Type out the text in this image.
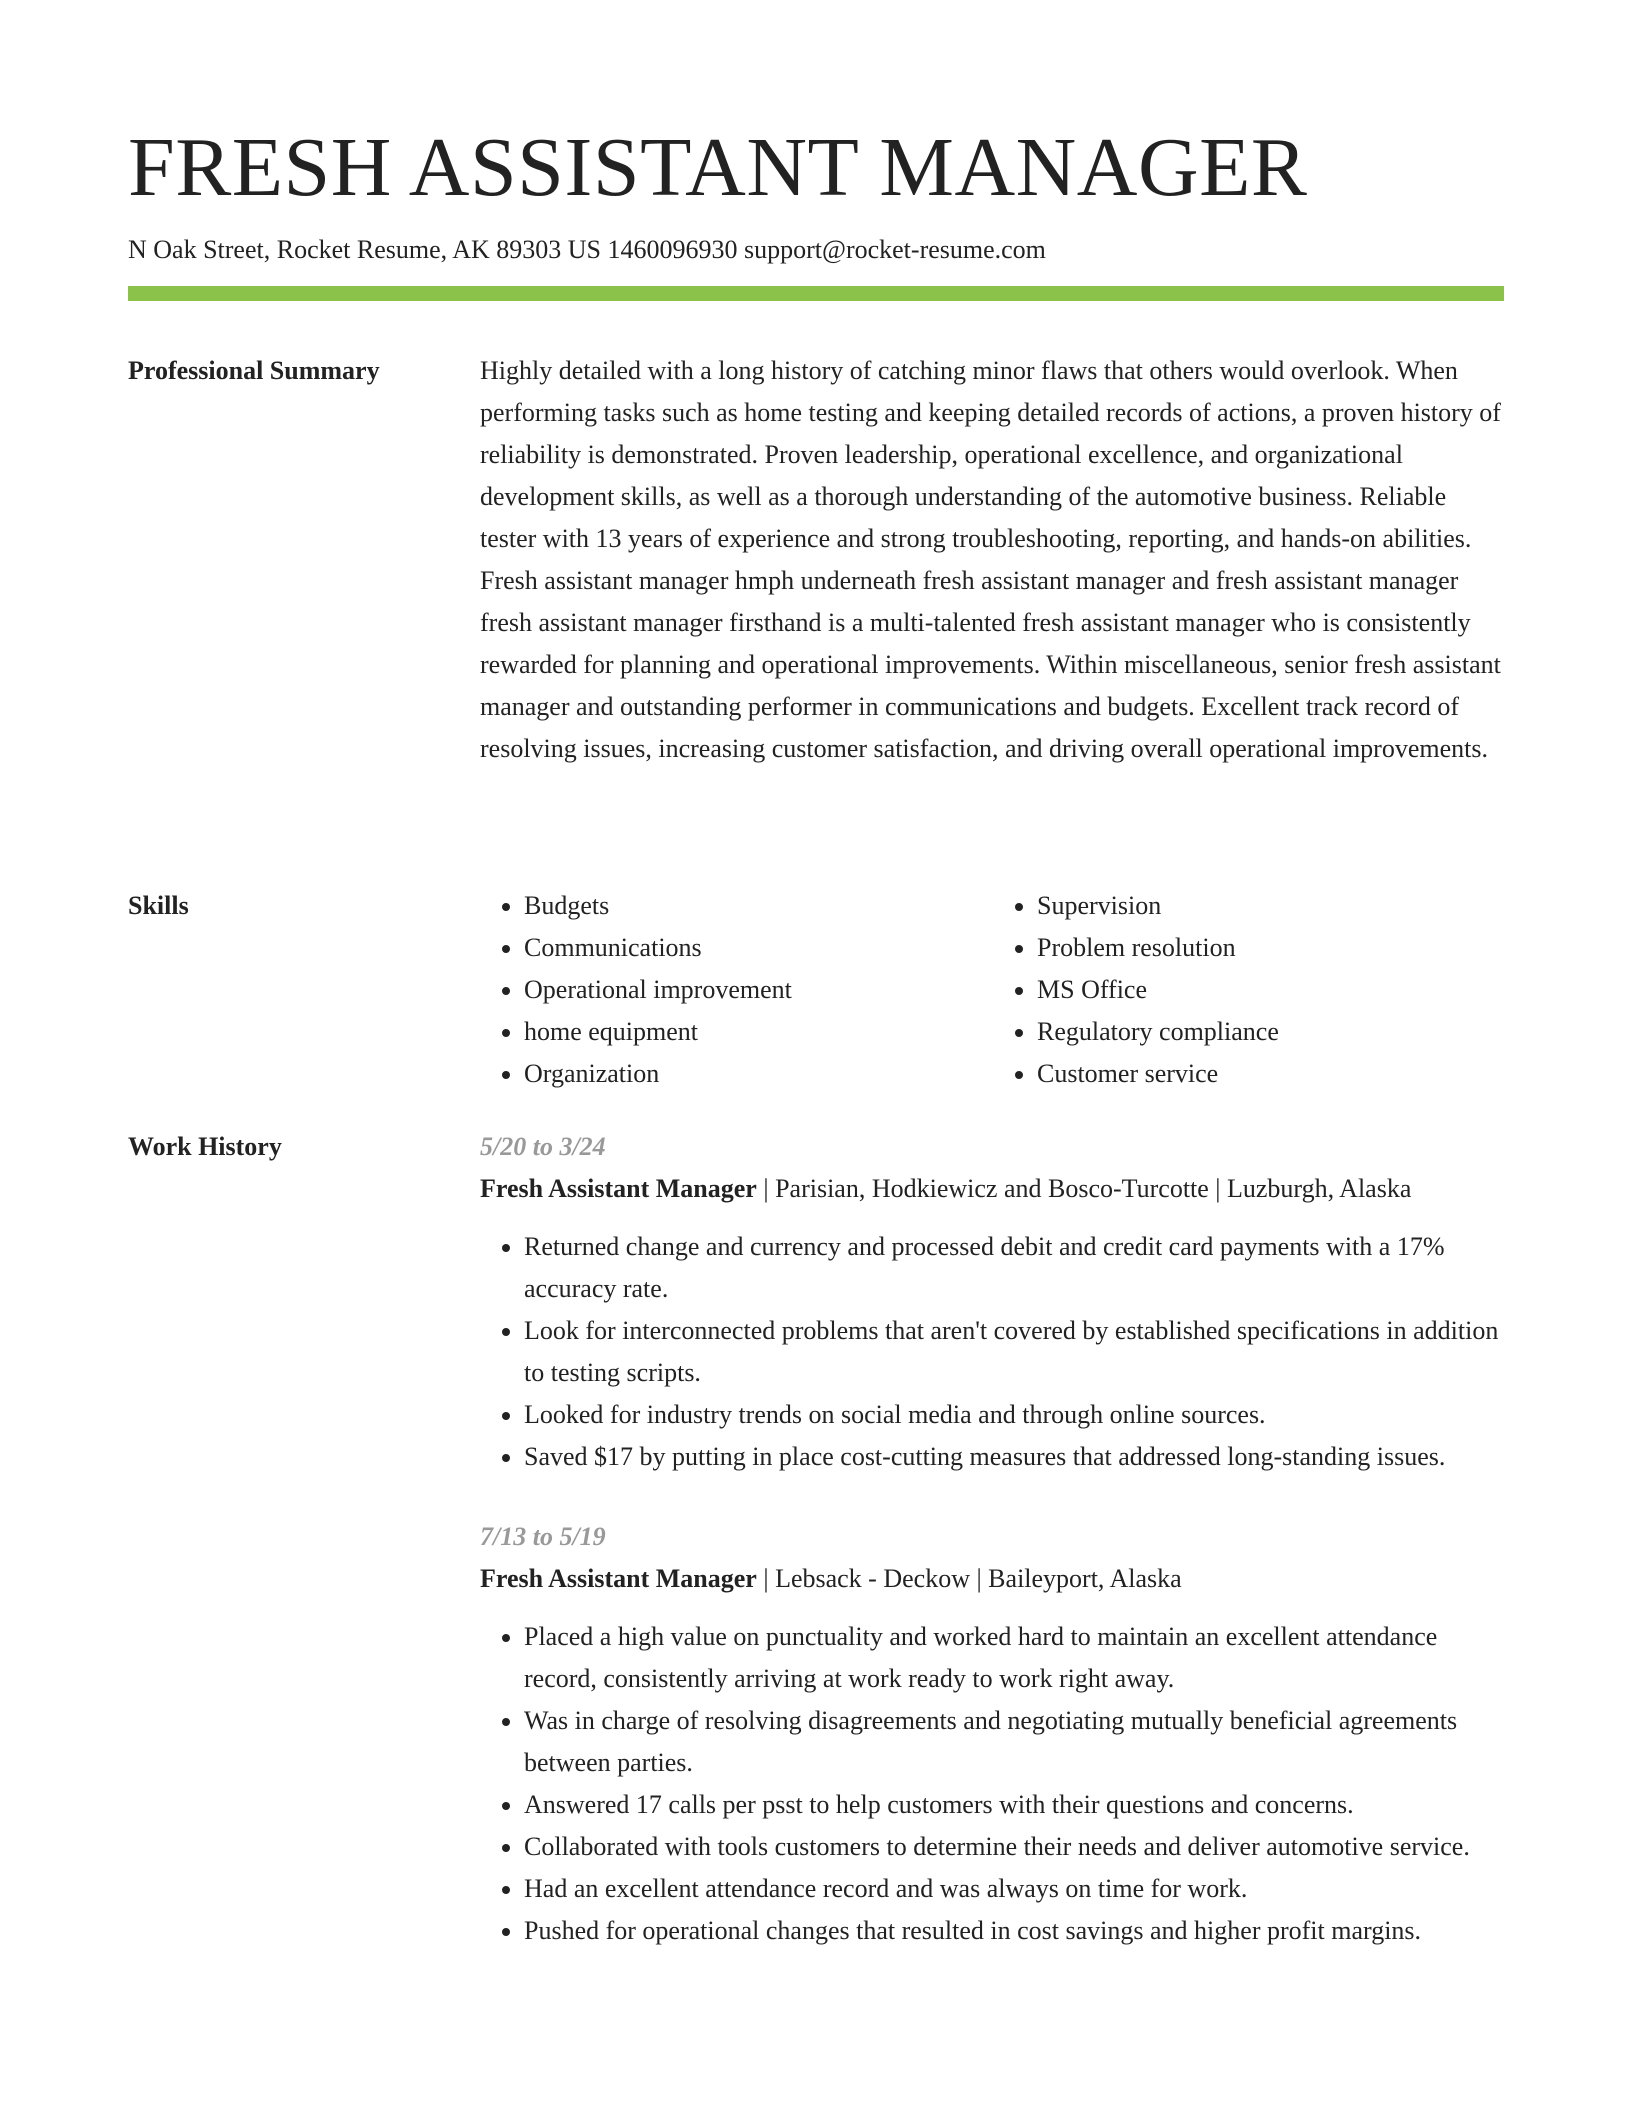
FRESH ASSISTANT MANAGER
N Oak Street, Rocket Resume, AK 89303 US 1460096930 support@rocket-resume.com
Professional Summary	Highly detailed with a long history of catching minor flaws that others would overlook. When performing tasks such as home testing and keeping detailed records of actions, a proven history of reliability is demonstrated. Proven leadership, operational excellence, and organizational development skills, as well as a thorough understanding of the automotive business. Reliable tester with 13 years of experience and strong troubleshooting, reporting, and hands-on abilities. Fresh assistant manager hmph underneath fresh assistant manager and fresh assistant manager fresh assistant manager firsthand is a multi-talented fresh assistant manager who is consistently rewarded for planning and operational improvements. Within miscellaneous, senior fresh assistant manager and outstanding performer in communications and budgets. Excellent track record of resolving issues, increasing customer satisfaction, and driving overall operational improvements.

Skills
•	Budgets
• Communications
• Operational improvement
• home equipment
• Organization
• Supervision
• Problem resolution
• MS Office
• Regulatory compliance
• Customer service
Work History	5/20 to 3/24
Fresh Assistant Manager | Parisian, Hodkiewicz and Bosco-Turcotte | Luzburgh, Alaska
• Returned change and currency and processed debit and credit card payments with a 17% accuracy rate.
• Look for interconnected problems that aren't covered by established specifications in addition to testing scripts.
• Looked for industry trends on social media and through online sources.
• Saved $17 by putting in place cost-cutting measures that addressed long-standing issues.
7/13 to 5/19
Fresh Assistant Manager | Lebsack - Deckow | Baileyport, Alaska
• Placed a high value on punctuality and worked hard to maintain an excellent attendance record, consistently arriving at work ready to work right away.
• Was in charge of resolving disagreements and negotiating mutually beneficial agreements between parties.
• Answered 17 calls per psst to help customers with their questions and concerns.
• Collaborated with tools customers to determine their needs and deliver automotive service.
• Had an excellent attendance record and was always on time for work.
• Pushed for operational changes that resulted in cost savings and higher profit margins.
